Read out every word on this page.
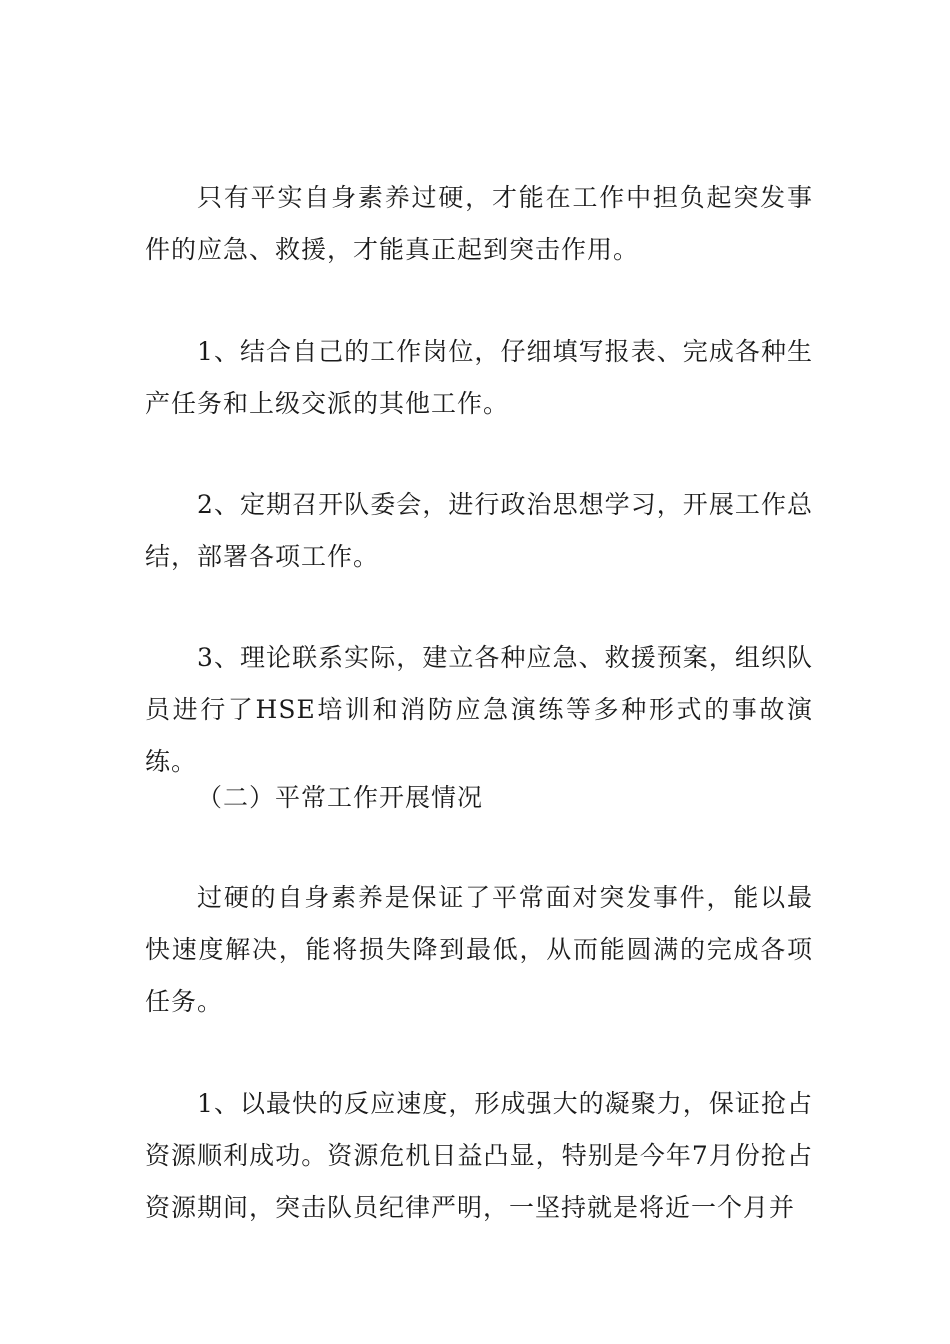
只有平实自身素养过硬，才能在工作中担负起突发事件的应急、救援，才能真正起到突击作用。

1、结合自己的工作岗位，仔细填写报表、完成各种生产任务和上级交派的其他工作。

2、定期召开队委会，进行政治思想学习，开展工作总结，部署各项工作。

3、理论联系实际，建立各种应急、救援预案，组织队员进行了HSE培训和消防应急演练等多种形式的事故演练。

（二）平常工作开展情况

过硬的自身素养是保证了平常面对突发事件，能以最快速度解决，能将损失降到最低，从而能圆满的完成各项任务。

1、以最快的反应速度，形成强大的凝聚力，保证抢占资源顺利成功。资源危机日益凸显，特别是今年7月份抢占资源期间，突击队员纪律严明，一坚持就是将近一个月并
